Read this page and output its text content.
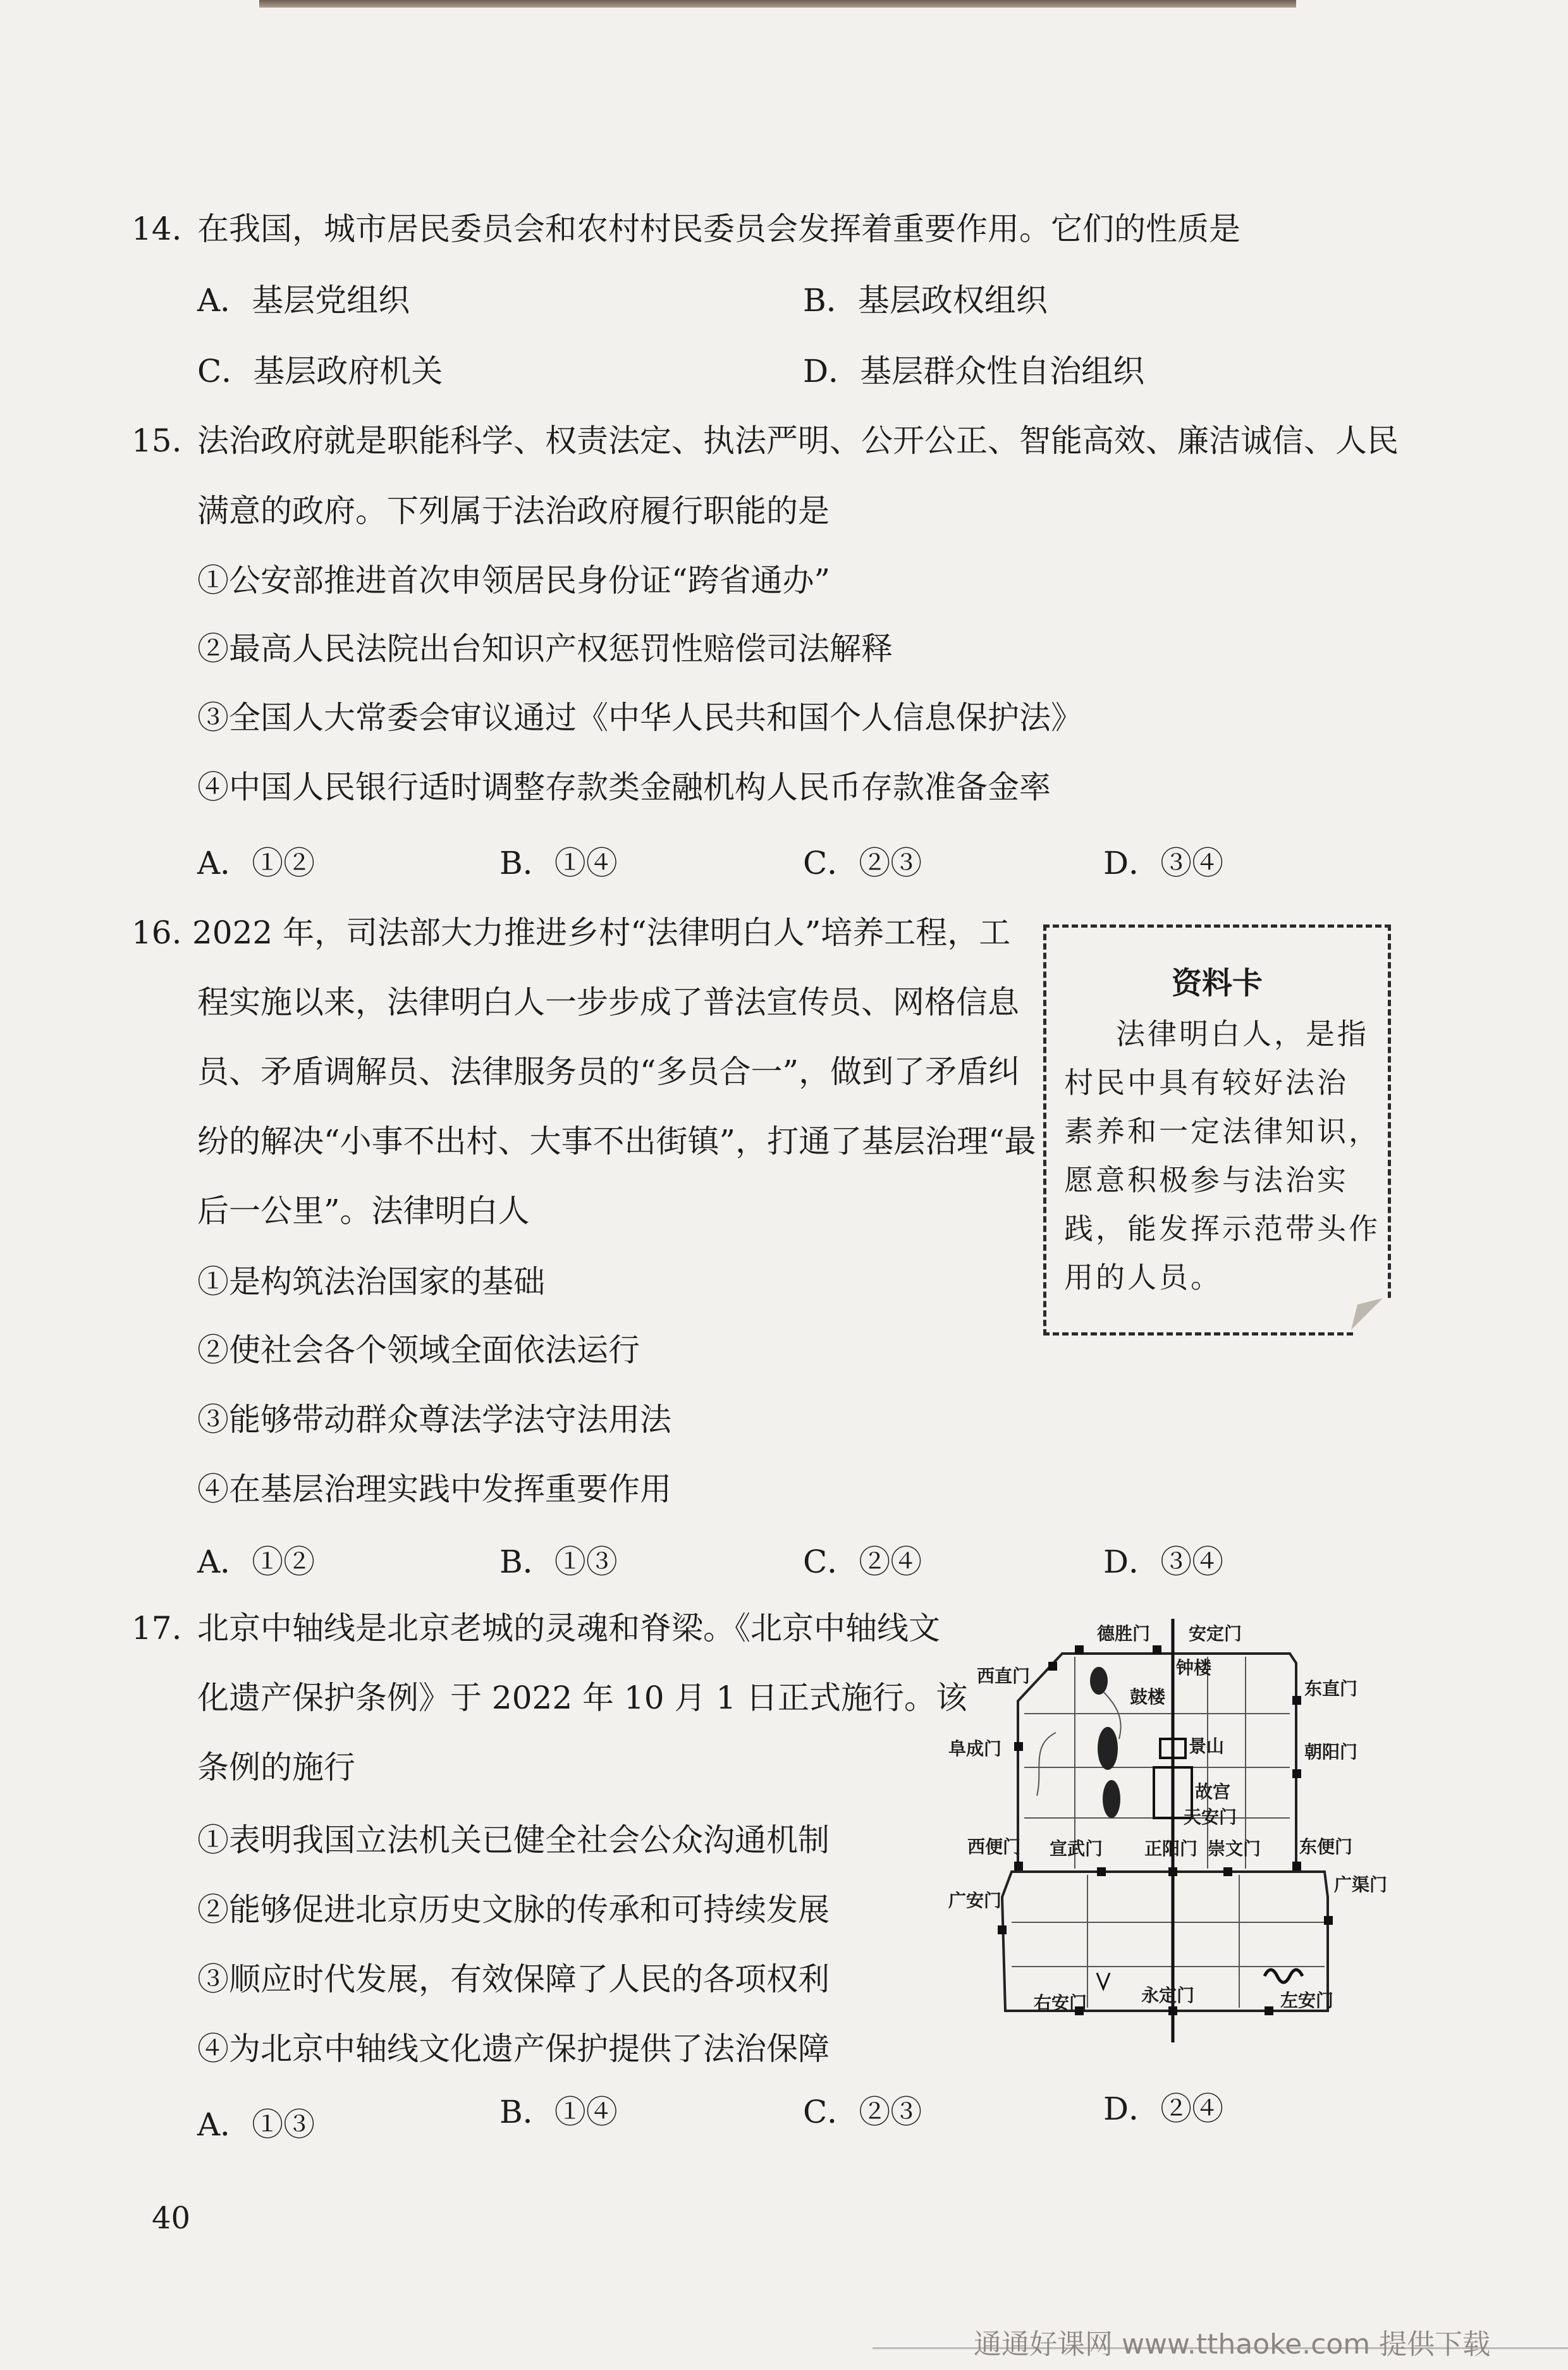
14. 在我国，城市居民委员会和农村村民委员会发挥着重要作用。它们的性质是
A．基层党组织	B．基层政权组织
C．基层政府机关	D．基层群众性自治组织
15. 法治政府就是职能科学、权责法定、执法严明、公开公正、智能高效、廉洁诚信、人民
满意的政府。下列属于法治政府履行职能的是
①公安部推进首次申领居民身份证“跨省通办”
②最高人民法院出台知识产权惩罚性赔偿司法解释
③全国人大常委会审议通过《中华人民共和国个人信息保护法》
④中国人民银行适时调整存款类金融机构人民币存款准备金率
A．①②	B．①④	C．②③	D．③④
16. 2022 年，司法部大力推进乡村“法律明白人”培养工程，工
程实施以来，法律明白人一步步成了普法宣传员、网格信息
员、矛盾调解员、法律服务员的“多员合一”，做到了矛盾纠
纷的解决“小事不出村、大事不出街镇”，打通了基层治理“最
后一公里”。法律明白人
①是构筑法治国家的基础
②使社会各个领域全面依法运行
③能够带动群众尊法学法守法用法
④在基层治理实践中发挥重要作用
A．①②	B．①③	C．②④	D．③④
资料卡
法律明白人，是指
村民中具有较好法治
素养和一定法律知识，
愿意积极参与法治实
践，能发挥示范带头作
用的人员。
17. 北京中轴线是北京老城的灵魂和脊梁。《北京中轴线文
化遗产保护条例》于 2022 年 10 月 1 日正式施行。该
条例的施行
①表明我国立法机关已健全社会公众沟通机制
②能够促进北京历史文脉的传承和可持续发展
③顺应时代发展，有效保障了人民的各项权利
④为北京中轴线文化遗产保护提供了法治保障
A．①③	B．①④	C．②③	D．②④
德胜门 安定门
西直门
东直门
鼓楼
钟楼
阜成门	朝阳门
景山
故宫
天安门
西便门 宣武门 正阳门 崇文门 东便门
广安门
广渠门
右安门	永定门	左安门
40
通通好课网 www.tthaoke.com 提供下载
